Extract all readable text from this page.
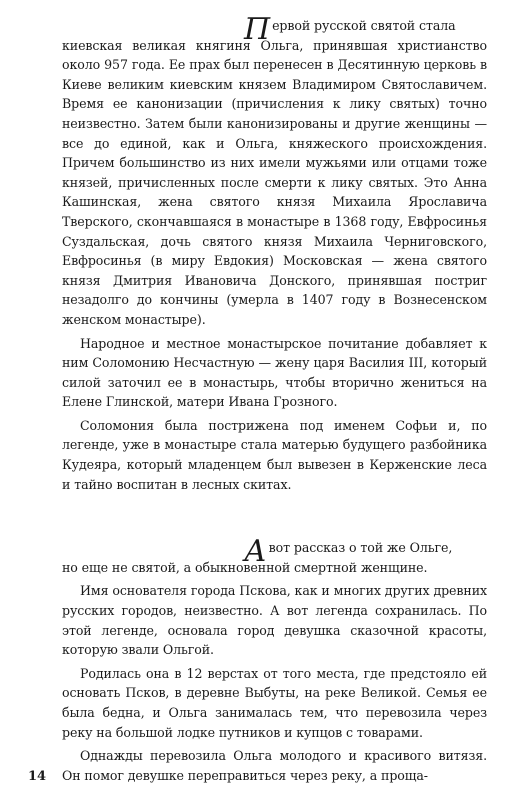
Первой русской святой стала
киевская великая княгиня Ольга, принявшая христианство около 957 года. Ее прах был перенесен в Десятинную церковь в Киеве великим киевским князем Владимиром Святославичем. Время ее канонизации (причисления к лику святых) точно неизвестно. Затем были канонизированы и другие женщины — все до единой, как и Ольга, княжеского происхождения. Причем большинство из них имели мужьями или отцами тоже князей, причисленных после смерти к лику святых. Это Анна Кашинская, жена святого князя Михаила Ярославича Тверского, скончавшаяся в монастыре в 1368 году, Евфросинья Суздальская, дочь святого князя Михаила Черниговского, Евфросинья (в миру Евдокия) Московская — жена святого князя Дмитрия Ивановича Донского, принявшая постриг незадолго до кончины (умерла в 1407 году в Вознесенском женском монастыре).

Народное и местное монастырское почитание добавляет к ним Соломонию Несчастную — жену царя Василия III, который силой заточил ее в монастырь, чтобы вторично жениться на Елене Глинской, матери Ивана Грозного.

Соломония была пострижена под именем Софьи и, по легенде, уже в монастыре стала матерью будущего разбойника Кудеяра, который младенцем был вывезен в Керженские леса и тайно воспитан в лесных скитах.

А вот рассказ о той же Ольге,
но еще не святой, а обыкновенной смертной женщине.

Имя основателя города Пскова, как и многих других древних русских городов, неизвестно. А вот легенда сохранилась. По этой легенде, основала город девушка сказочной красоты, которую звали Ольгой.

Родилась она в 12 верстах от того места, где предстояло ей основать Псков, в деревне Выбуты, на реке Великой. Семья ее была бедна, и Ольга занималась тем, что перевозила через реку на большой лодке путников и купцов с товарами.

Однажды перевозила Ольга молодого и красивого витязя. Он помог девушке переправиться через реку, а проща-

14
